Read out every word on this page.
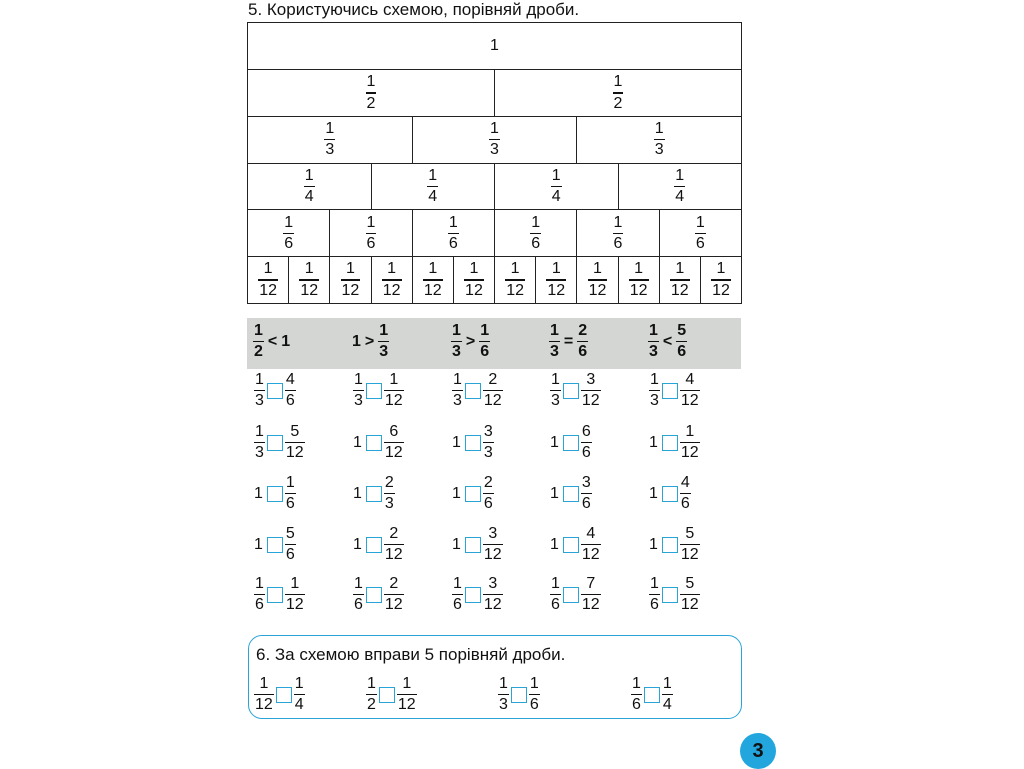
5. Користуючись схемою, порівняй дроби.
1
1
2
1
2
1
3
1
3
1
3
1
4
1
4
1
4
1
4
1
6
1
6
1
6
1
6
1
6
1
6
1
12
1
12
1
12
1
12
1
12
1
12
1
12
1
12
1
12
1
12
1
12
1
12
1
2
< 1	1 >
1
3
1
3
>
1
6
1
3
=
2
6
1
3
<
5
6
1
3
4
6
1
3
1
12
1
3
2
12
1
3
3
12
1
3
4
12
1
3
5
12
1
6
12
1
3
3
1
6
6
1
1
12
1
1
6
1
2
3
1
2
6
1
3
6
1
4
6
1
5
6
1
2
12
1
3
12
1
4
12
1
5
12
1
6
1
12
1
6
2
12
1
6
3
12
1
6
7
12
1
6
5
12
6. За схемою вправи 5 порівняй дроби.
1
12
1
4
1
2
1
12
1
3
1
6
1
6
1
4
3
